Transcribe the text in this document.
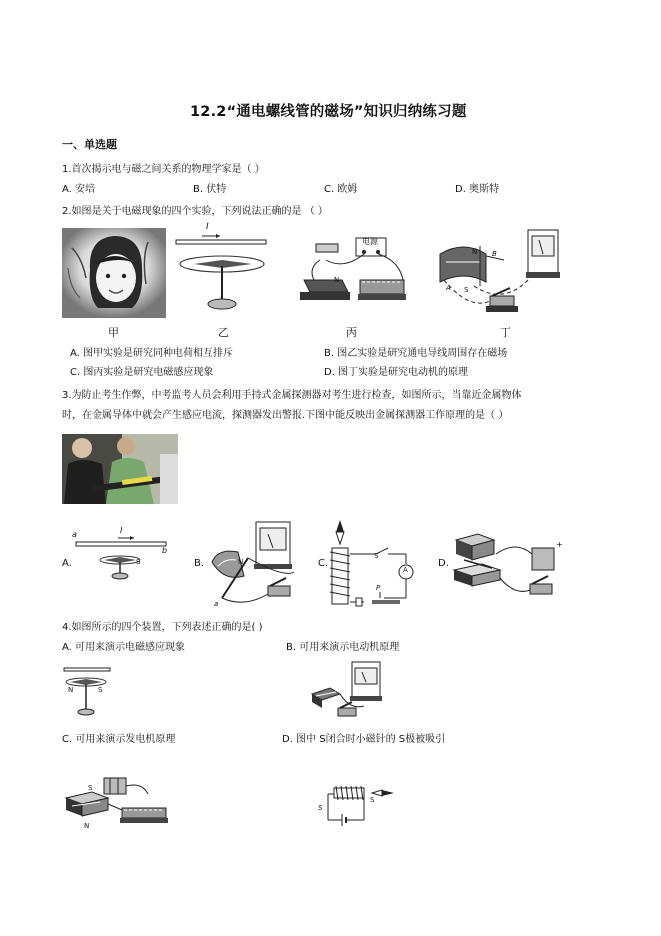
12.2“通电螺线管的磁场”知识归纳练习题
一、单选题
1.首次揭示电与磁之间关系的物理学家是（ ）
A. 安培	B. 伏特	C. 欧姆	D. 奥斯特
2.如图是关于电磁现象的四个实验，下列说法正确的是 （ ）
甲
I
乙
电源
N
丙
N B
A S
丁
A. 图甲实验是研究同种电荷相互排斥	B. 图乙实验是研究通电导线周围存在磁场
C. 图丙实验是研究电磁感应现象	D. 图丁实验是研究电动机的原理
3.为防止考生作弊，中考监考人员会利用手持式金属探测器对考生进行检查，如图所示，当靠近金属物体
时，在金属导体中就会产生感应电流，探测器发出警报.下图中能反映出金属探测器工作原理的是（ ）
A.
I
a
b
S	B.	N
a
C.
S
P
A
D.
+
4.如图所示的四个装置，下列表述正确的是( )
A. 可用来演示电磁感应现象	B. 可用来演示电动机原理
N	S
C. 可用来演示发电机原理	D. 图中 S闭合时小磁针的 S极被吸引
S
N
S
S
